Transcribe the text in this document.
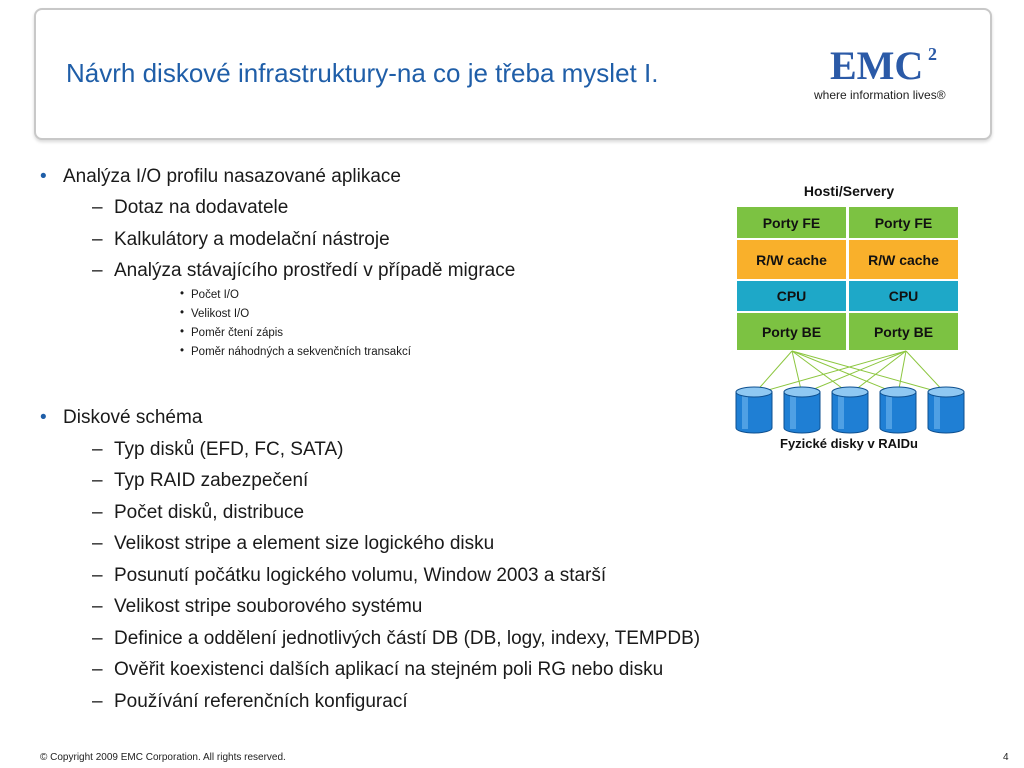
Návrh diskové infrastruktury-na co je třeba myslet I.	EMC 2
where information lives®
• Analýza I/O profilu nasazované aplikace
– Dotaz na dodavatele
– Kalkulátory a modelační nástroje
– Analýza stávajícího prostředí v případě migrace
• Počet I/O
• Velikost I/O
• Poměr čtení zápis
• Poměr náhodných a sekvenčních transakcí
• Diskové schéma
– Typ disků (EFD, FC, SATA)
– Typ RAID zabezpečení
– Počet disků, distribuce
– Velikost stripe a element size logického disku
– Posunutí počátku logického volumu, Window 2003 a starší
– Velikost stripe souborového systému
– Definice a oddělení jednotlivých částí DB (DB, logy, indexy, TEMPDB)
– Ověřit koexistenci dalších aplikací na stejném poli RG nebo disku
– Používání referenčních konfigurací
Hosti/Servery
Porty FE	Porty FE
R/W cache	R/W cache
CPU	CPU
Porty BE	Porty BE
Fyzické disky v RAIDu
© Copyright 2009 EMC Corporation. All rights reserved.	4
